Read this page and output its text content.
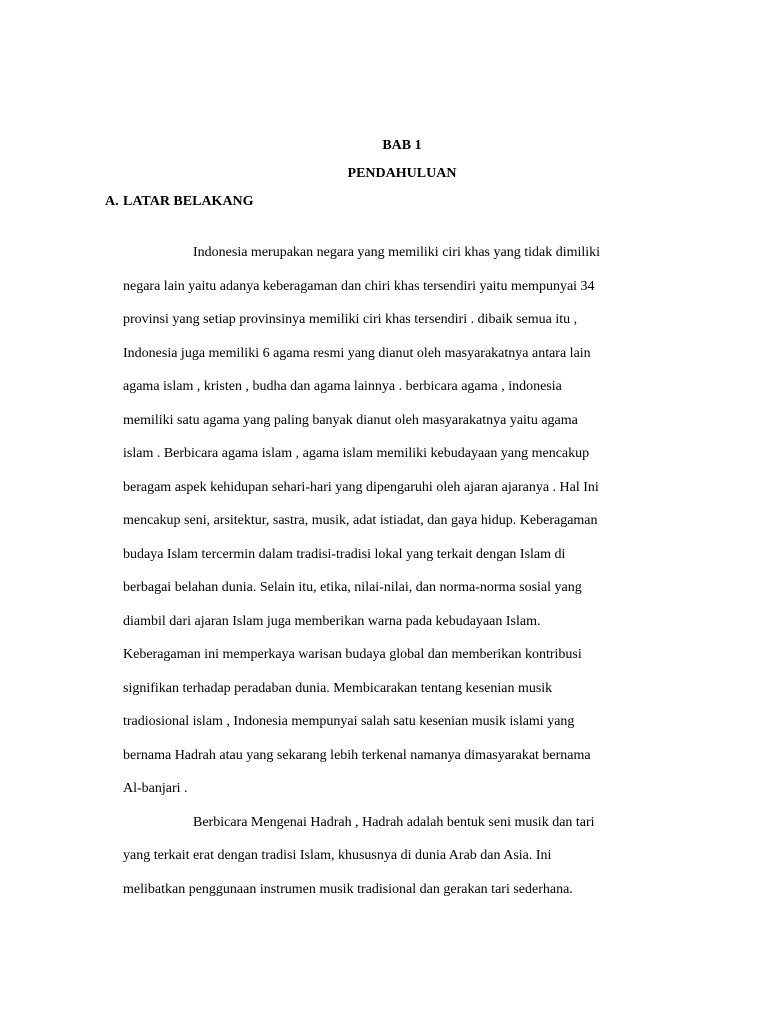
BAB 1
PENDAHULUAN
A. LATAR BELAKANG
Indonesia merupakan negara yang memiliki ciri khas yang tidak dimiliki
negara lain yaitu adanya keberagaman dan chiri khas tersendiri yaitu mempunyai 34
provinsi yang setiap provinsinya memiliki ciri khas tersendiri . dibaik semua itu ,
Indonesia juga memiliki 6 agama resmi yang dianut oleh masyarakatnya antara lain
agama islam , kristen , budha dan agama lainnya . berbicara agama , indonesia
memiliki satu agama yang paling banyak dianut oleh masyarakatnya yaitu agama
islam . Berbicara agama islam , agama islam memiliki kebudayaan yang mencakup
beragam aspek kehidupan sehari-hari yang dipengaruhi oleh ajaran ajaranya . Hal Ini
mencakup seni, arsitektur, sastra, musik, adat istiadat, dan gaya hidup. Keberagaman
budaya Islam tercermin dalam tradisi-tradisi lokal yang terkait dengan Islam di
berbagai belahan dunia. Selain itu, etika, nilai-nilai, dan norma-norma sosial yang
diambil dari ajaran Islam juga memberikan warna pada kebudayaan Islam.
Keberagaman ini memperkaya warisan budaya global dan memberikan kontribusi
signifikan terhadap peradaban dunia. Membicarakan tentang kesenian musik
tradiosional islam , Indonesia mempunyai salah satu kesenian musik islami yang
bernama Hadrah atau yang sekarang lebih terkenal namanya dimasyarakat bernama
Al-banjari .
Berbicara Mengenai Hadrah , Hadrah adalah bentuk seni musik dan tari
yang terkait erat dengan tradisi Islam, khususnya di dunia Arab dan Asia. Ini
melibatkan penggunaan instrumen musik tradisional dan gerakan tari sederhana.
